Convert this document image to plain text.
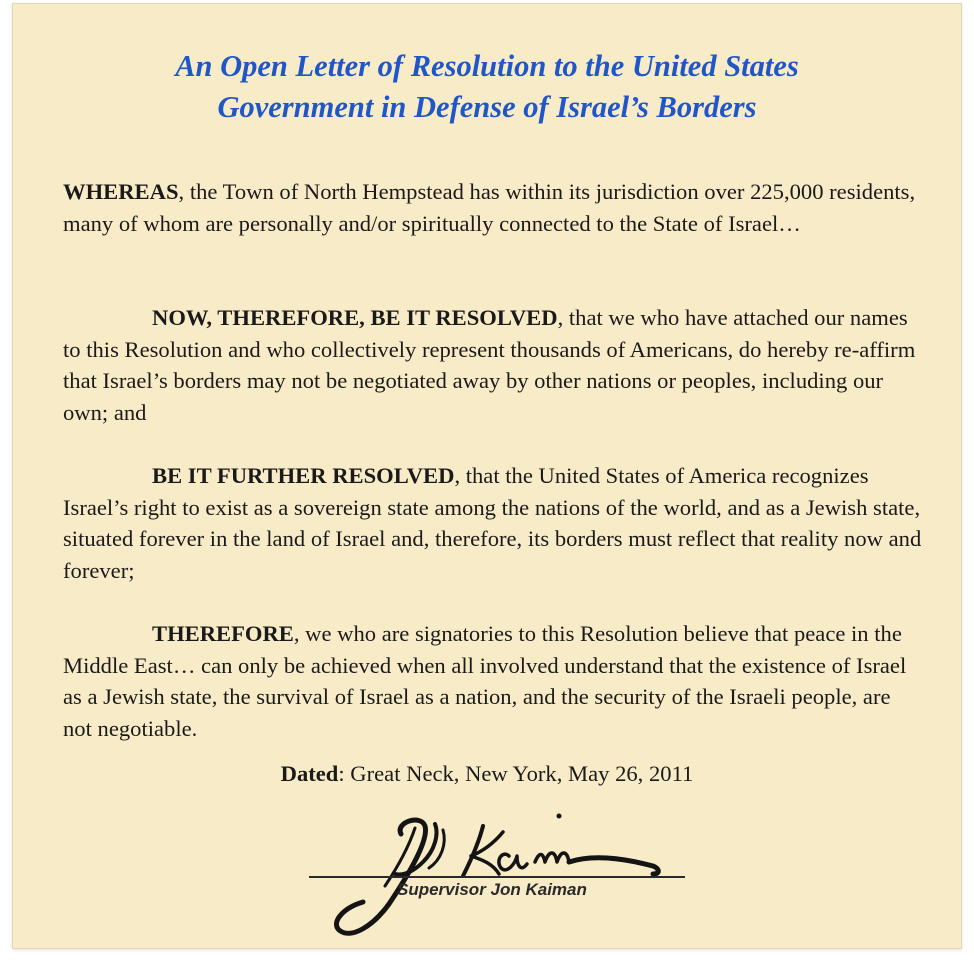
An Open Letter of Resolution to the United States
Government in Defense of Israel’s Borders

WHEREAS, the Town of North Hempstead has within its jurisdiction over 225,000 residents, many of whom are personally and/or spiritually connected to the State of Israel…

NOW, THEREFORE, BE IT RESOLVED, that we who have attached our names to this Resolution and who collectively represent thousands of Americans, do hereby re-affirm that Israel’s borders may not be negotiated away by other nations or peoples, including our own; and

BE IT FURTHER RESOLVED, that the United States of America recognizes Israel’s right to exist as a sovereign state among the nations of the world, and as a Jewish state, situated forever in the land of Israel and, therefore, its borders must reflect that reality now and forever;

THEREFORE, we who are signatories to this Resolution believe that peace in the Middle East… can only be achieved when all involved understand that the existence of Israel as a Jewish state, the survival of Israel as a nation, and the security of the Israeli people, are not negotiable.

Dated: Great Neck, New York, May 26, 2011

Supervisor Jon Kaiman
